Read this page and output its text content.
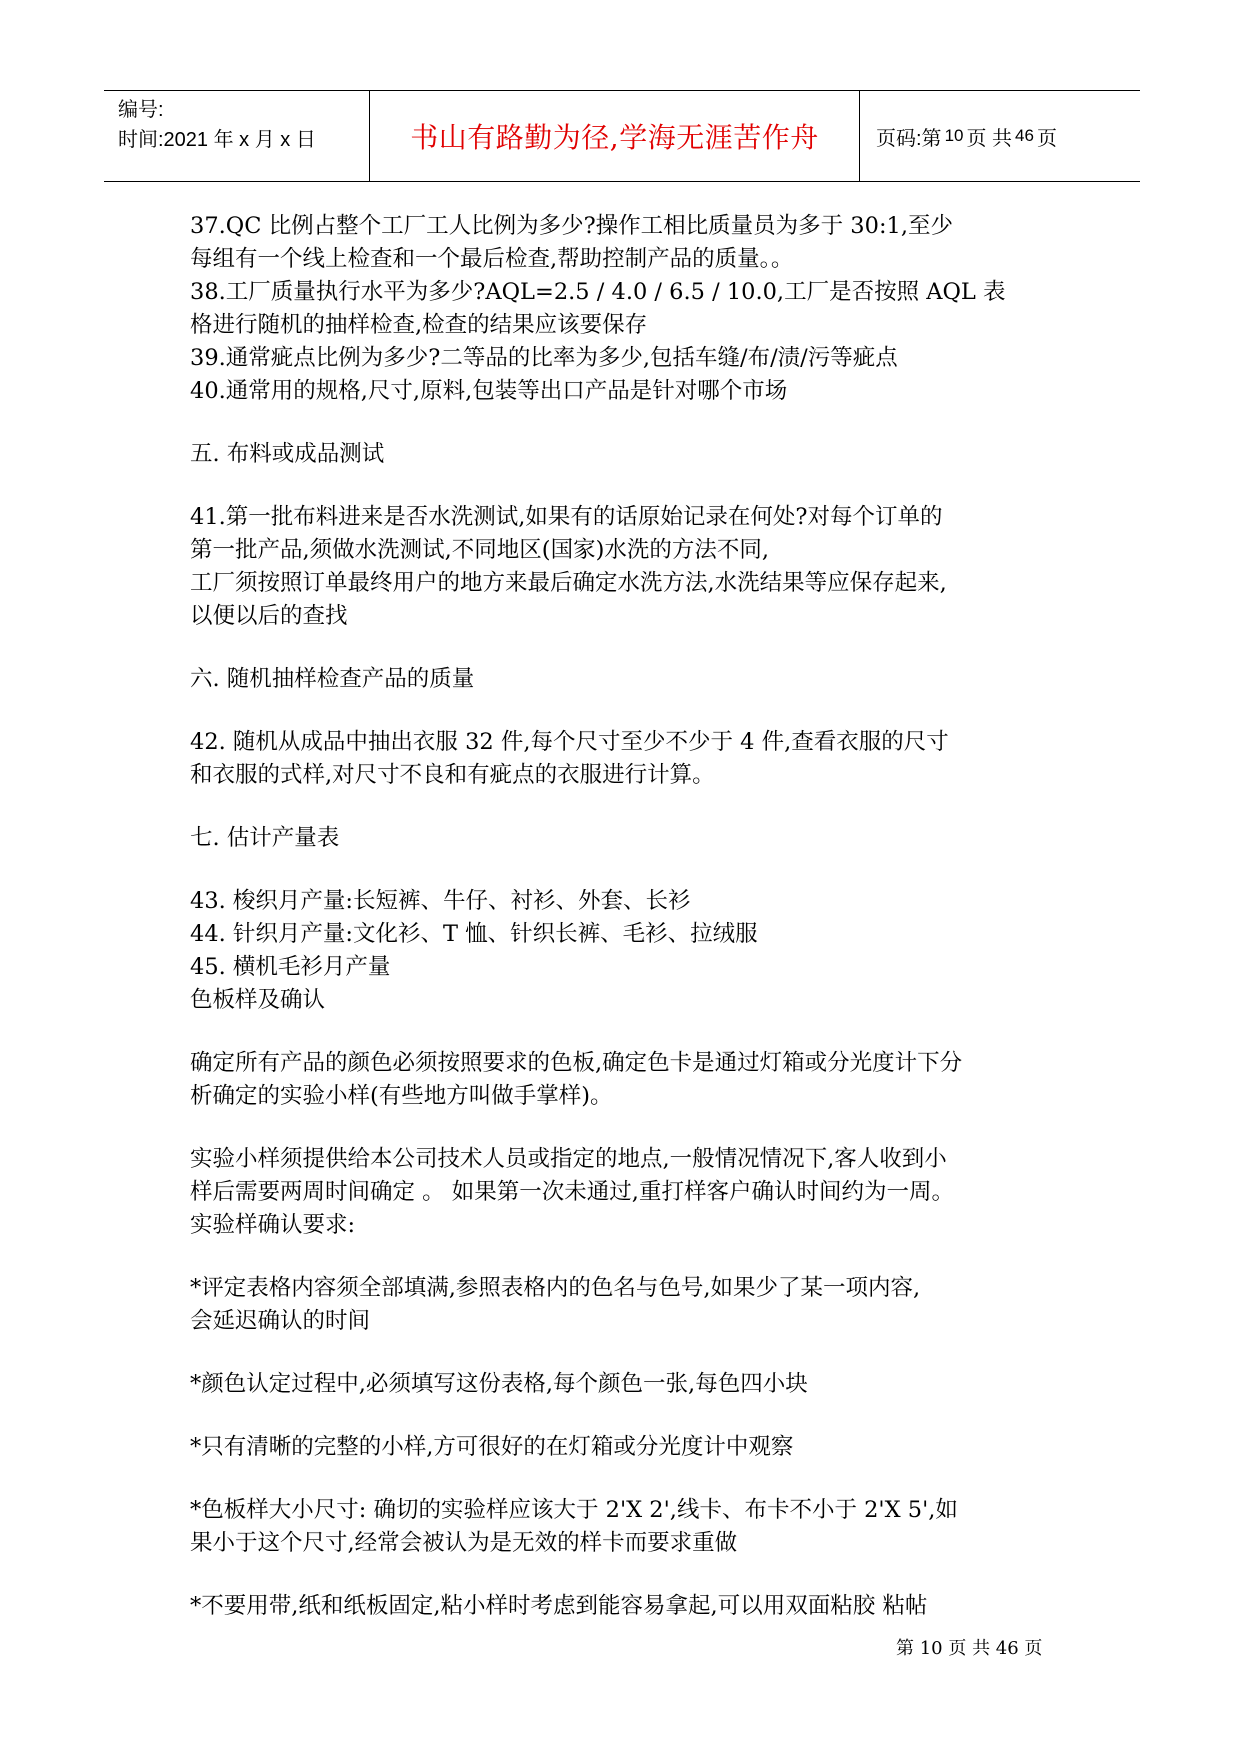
编号:
时间:2021 年 x 月 x 日	书山有路勤为径,学海无涯苦作舟	页码:第 10 页 共 46 页

37.QC 比例占整个工厂工人比例为多少?操作工相比质量员为多于 30:1,至少

每组有一个线上检查和一个最后检查,帮助控制产品的质量。。

38.工厂质量执行水平为多少?AQL=2.5 / 4.0 / 6.5 / 10.0,工厂是否按照 AQL 表

格进行随机的抽样检查,检查的结果应该要保存

39.通常疵点比例为多少?二等品的比率为多少,包括车缝/布/渍/污等疵点

40.通常用的规格,尺寸,原料,包装等出口产品是针对哪个市场

五. 布料或成品测试

41.第一批布料进来是否水洗测试,如果有的话原始记录在何处?对每个订单的

第一批产品,须做水洗测试,不同地区(国家)水洗的方法不同,

工厂须按照订单最终用户的地方来最后确定水洗方法,水洗结果等应保存起来,

以便以后的查找

六. 随机抽样检查产品的质量

42. 随机从成品中抽出衣服 32 件,每个尺寸至少不少于 4 件,查看衣服的尺寸

和衣服的式样,对尺寸不良和有疵点的衣服进行计算。

七. 估计产量表

43. 梭织月产量:长短裤、牛仔、衬衫、外套、长衫

44. 针织月产量:文化衫、T 恤、针织长裤、毛衫、拉绒服

45. 横机毛衫月产量

色板样及确认

确定所有产品的颜色必须按照要求的色板,确定色卡是通过灯箱或分光度计下分

析确定的实验小样(有些地方叫做手掌样)。

实验小样须提供给本公司技术人员或指定的地点,一般情况情况下,客人收到小

样后需要两周时间确定 。 如果第一次未通过,重打样客户确认时间约为一周。

实验样确认要求:

*评定表格内容须全部填满,参照表格内的色名与色号,如果少了某一项内容,

会延迟确认的时间

*颜色认定过程中,必须填写这份表格,每个颜色一张,每色四小块

*只有清晰的完整的小样,方可很好的在灯箱或分光度计中观察

*色板样大小尺寸: 确切的实验样应该大于 2'X 2',线卡、布卡不小于 2'X 5',如

果小于这个尺寸,经常会被认为是无效的样卡而要求重做

*不要用带,纸和纸板固定,粘小样时考虑到能容易拿起,可以用双面粘胶 粘帖

第 10 页 共 46 页
